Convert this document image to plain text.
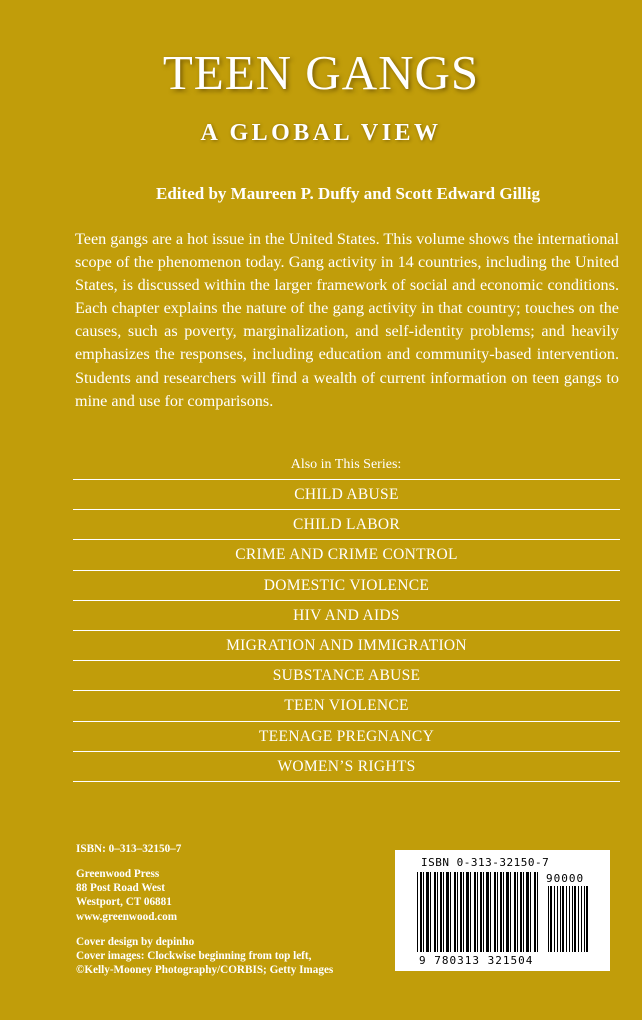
TEEN GANGS
A GLOBAL VIEW
Edited by Maureen P. Duffy and Scott Edward Gillig

Teen gangs are a hot issue in the United States. This volume shows the international scope of the phenomenon today. Gang activity in 14 countries, including the United States, is discussed within the larger framework of social and economic conditions. Each chapter explains the nature of the gang activity in that country; touches on the causes, such as poverty, marginalization, and self-identity problems; and heavily emphasizes the responses, including education and community-based intervention. Students and researchers will find a wealth of current information on teen gangs to mine and use for comparisons.

Also in This Series:
CHILD ABUSE
CHILD LABOR
CRIME AND CRIME CONTROL
DOMESTIC VIOLENCE
HIV AND AIDS
MIGRATION AND IMMIGRATION
SUBSTANCE ABUSE
TEEN VIOLENCE
TEENAGE PREGNANCY
WOMEN’S RIGHTS
ISBN: 0–313–32150–7
Greenwood Press
88 Post Road West
Westport, CT 06881
www.greenwood.com
Cover design by depinho
Cover images: Clockwise beginning from top left,
©Kelly-Mooney Photography/CORBIS; Getty Images
ISBN 0-313-32150-7
90000
9 780313 321504
